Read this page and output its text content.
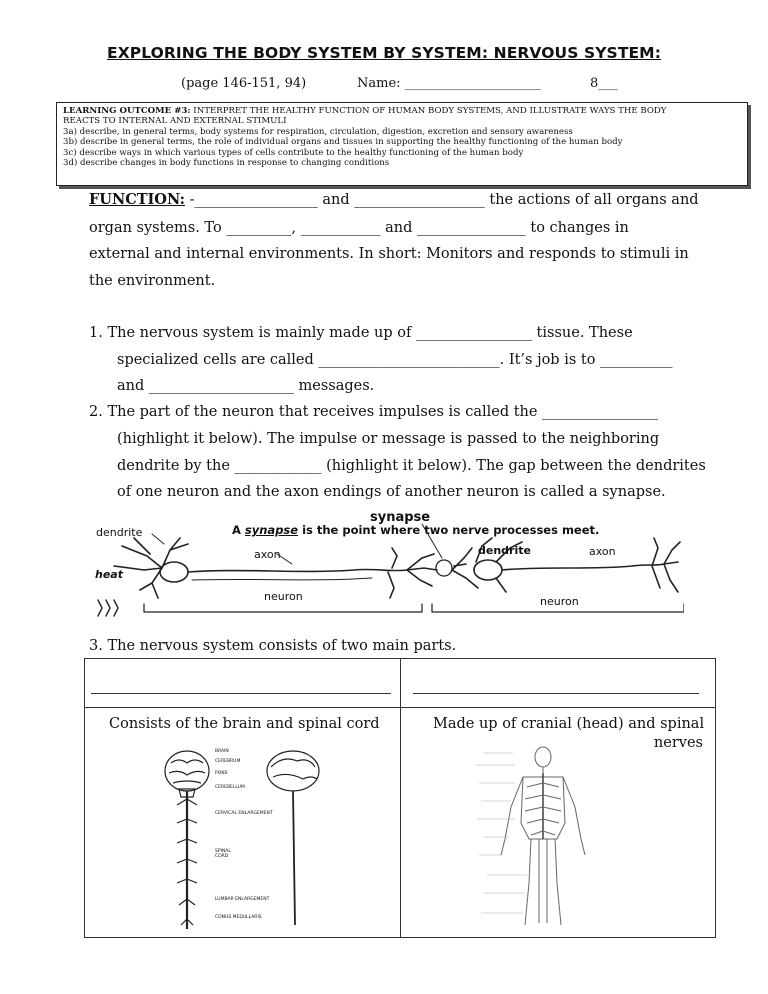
EXPLORING THE BODY SYSTEM BY SYSTEM: NERVOUS SYSTEM:
(page 146-151, 94)	Name: _____________________	8___
LEARNING OUTCOME #3: INTERPRET THE HEALTHY FUNCTION OF HUMAN BODY SYSTEMS, AND ILLUSTRATE WAYS THE BODY
REACTS TO INTERNAL AND EXTERNAL STIMULI
3a) describe, in general terms, body systems for respiration, circulation, digestion, excretion and sensory awareness
3b) describe in general terms, the role of individual organs and tissues in supporting the healthy functioning of the human body
3c) describe ways in which various types of cells contribute to the healthy functioning of the human body
3d) describe changes in body functions in response to changing conditions
FUNCTION: -_________________ and __________________ the actions of all organs and
organ systems. To _________, ___________ and _______________ to changes in
external and internal environments. In short: Monitors and responds to stimuli in
the environment.
1. The nervous system is mainly made up of ________________ tissue. These
specialized cells are called _________________________. It’s job is to __________
and ____________________ messages.
2. The part of the neuron that receives impulses is called the ________________
(highlight it below). The impulse or message is passed to the neighboring
dendrite by the ____________ (highlight it below). The gap between the dendrites
of one neuron and the axon endings of another neuron is called a synapse.
dendrite
axon
heat
neuron
synapse
A synapse is the point where two nerve processes meet.
dendrite	axon
neuron
3. The nervous system consists of two main parts.
Consists of the brain and spinal cord	Made up of cranial (head) and spinal
nerves
BRAIN
CEREBRUM
PONS
CEREBELLUM
CERVICAL ENLARGEMENT
SPINAL CORD
LUMBAR ENLARGEMENT
CONUS MEDULLARIS
